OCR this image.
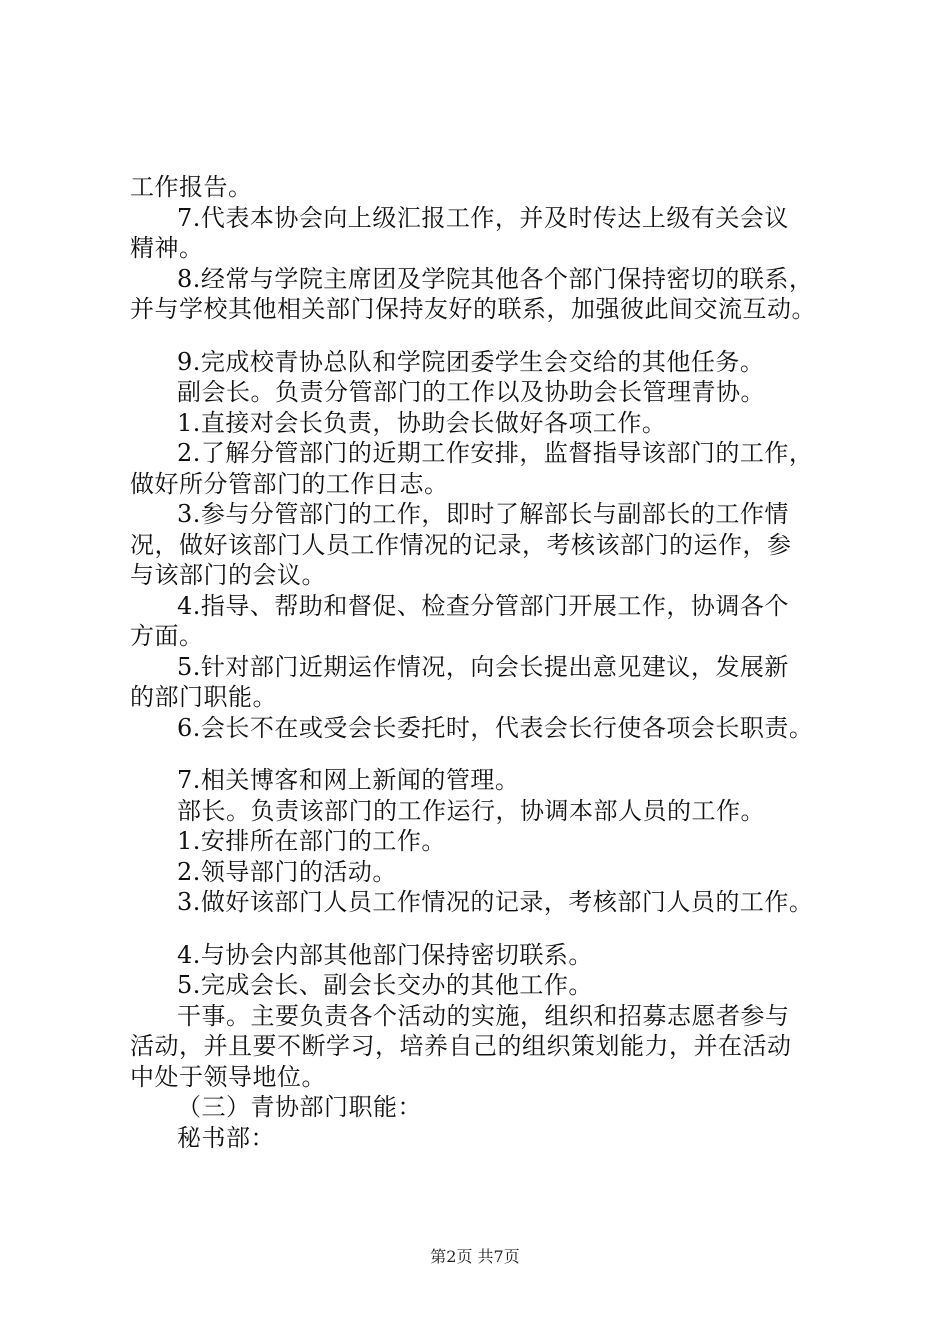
工作报告。
7.代表本协会向上级汇报工作，并及时传达上级有关会议
精神。
8.经常与学院主席团及学院其他各个部门保持密切的联系，
并与学校其他相关部门保持友好的联系，加强彼此间交流互动。
9.完成校青协总队和学院团委学生会交给的其他任务。
副会长。负责分管部门的工作以及协助会长管理青协。
1.直接对会长负责，协助会长做好各项工作。
2.了解分管部门的近期工作安排，监督指导该部门的工作，
做好所分管部门的工作日志。
3.参与分管部门的工作，即时了解部长与副部长的工作情
况，做好该部门人员工作情况的记录，考核该部门的运作，参
与该部门的会议。
4.指导、帮助和督促、检查分管部门开展工作，协调各个
方面。
5.针对部门近期运作情况，向会长提出意见建议，发展新
的部门职能。
6.会长不在或受会长委托时，代表会长行使各项会长职责。
7.相关博客和网上新闻的管理。
部长。负责该部门的工作运行，协调本部人员的工作。
1.安排所在部门的工作。
2.领导部门的活动。
3.做好该部门人员工作情况的记录，考核部门人员的工作。
4.与协会内部其他部门保持密切联系。
5.完成会长、副会长交办的其他工作。
干事。主要负责各个活动的实施，组织和招募志愿者参与
活动，并且要不断学习，培养自己的组织策划能力，并在活动
中处于领导地位。
（三）青协部门职能：
秘书部：
第2页 共7页
